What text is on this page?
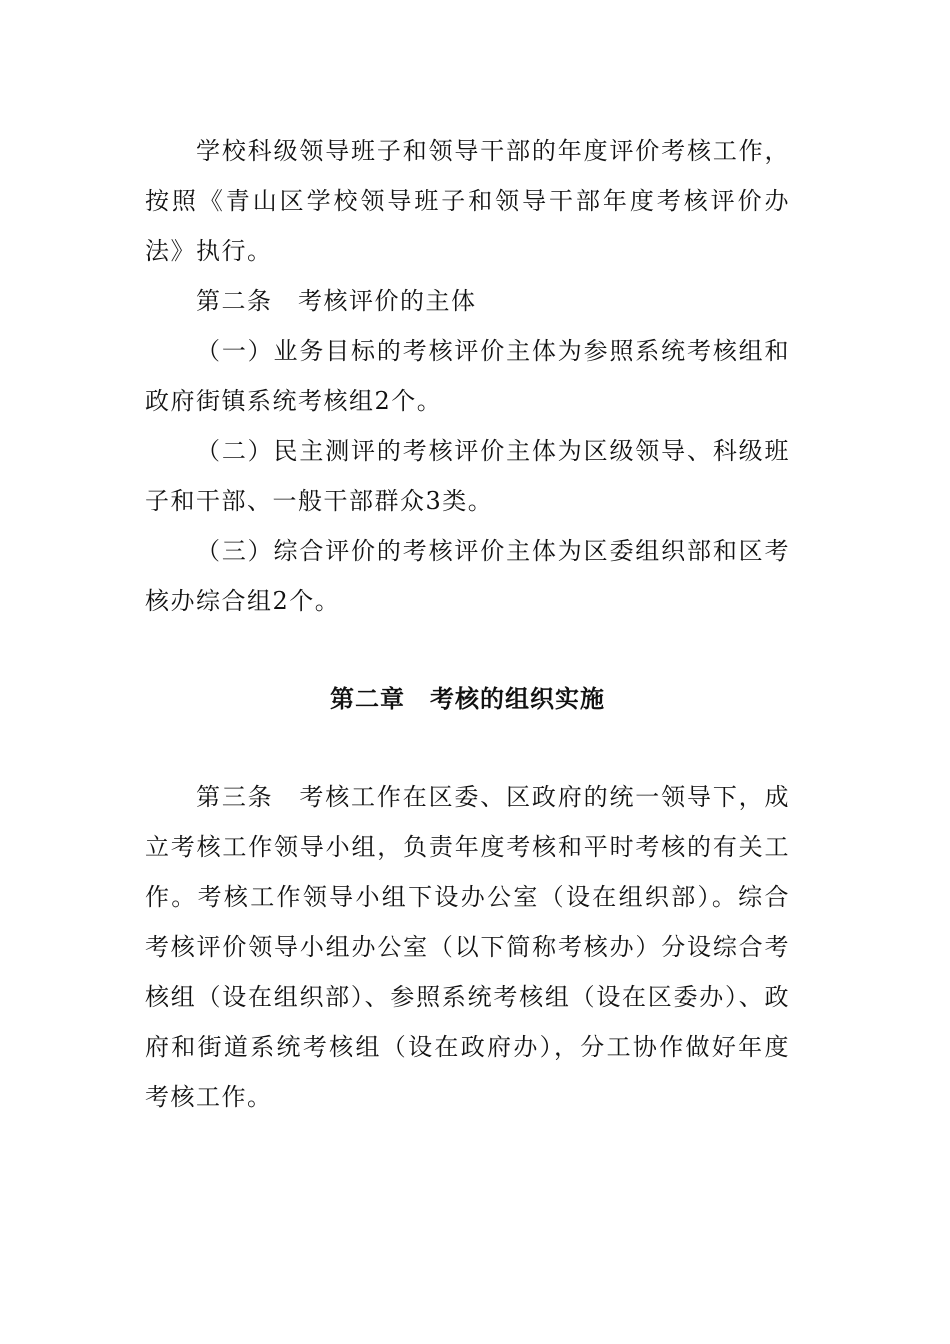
学校科级领导班子和领导干部的年度评价考核工作，按照《青山区学校领导班子和领导干部年度考核评价办法》执行。

第二条　考核评价的主体

（一）业务目标的考核评价主体为参照系统考核组和政府街镇系统考核组2个。

（二）民主测评的考核评价主体为区级领导、科级班子和干部、一般干部群众3类。

（三）综合评价的考核评价主体为区委组织部和区考核办综合组2个。

第二章　考核的组织实施

第三条　考核工作在区委、区政府的统一领导下，成立考核工作领导小组，负责年度考核和平时考核的有关工作。考核工作领导小组下设办公室（设在组织部）。综合考核评价领导小组办公室（以下简称考核办）分设综合考核组（设在组织部）、参照系统考核组（设在区委办）、政府和街道系统考核组（设在政府办），分工协作做好年度考核工作。
